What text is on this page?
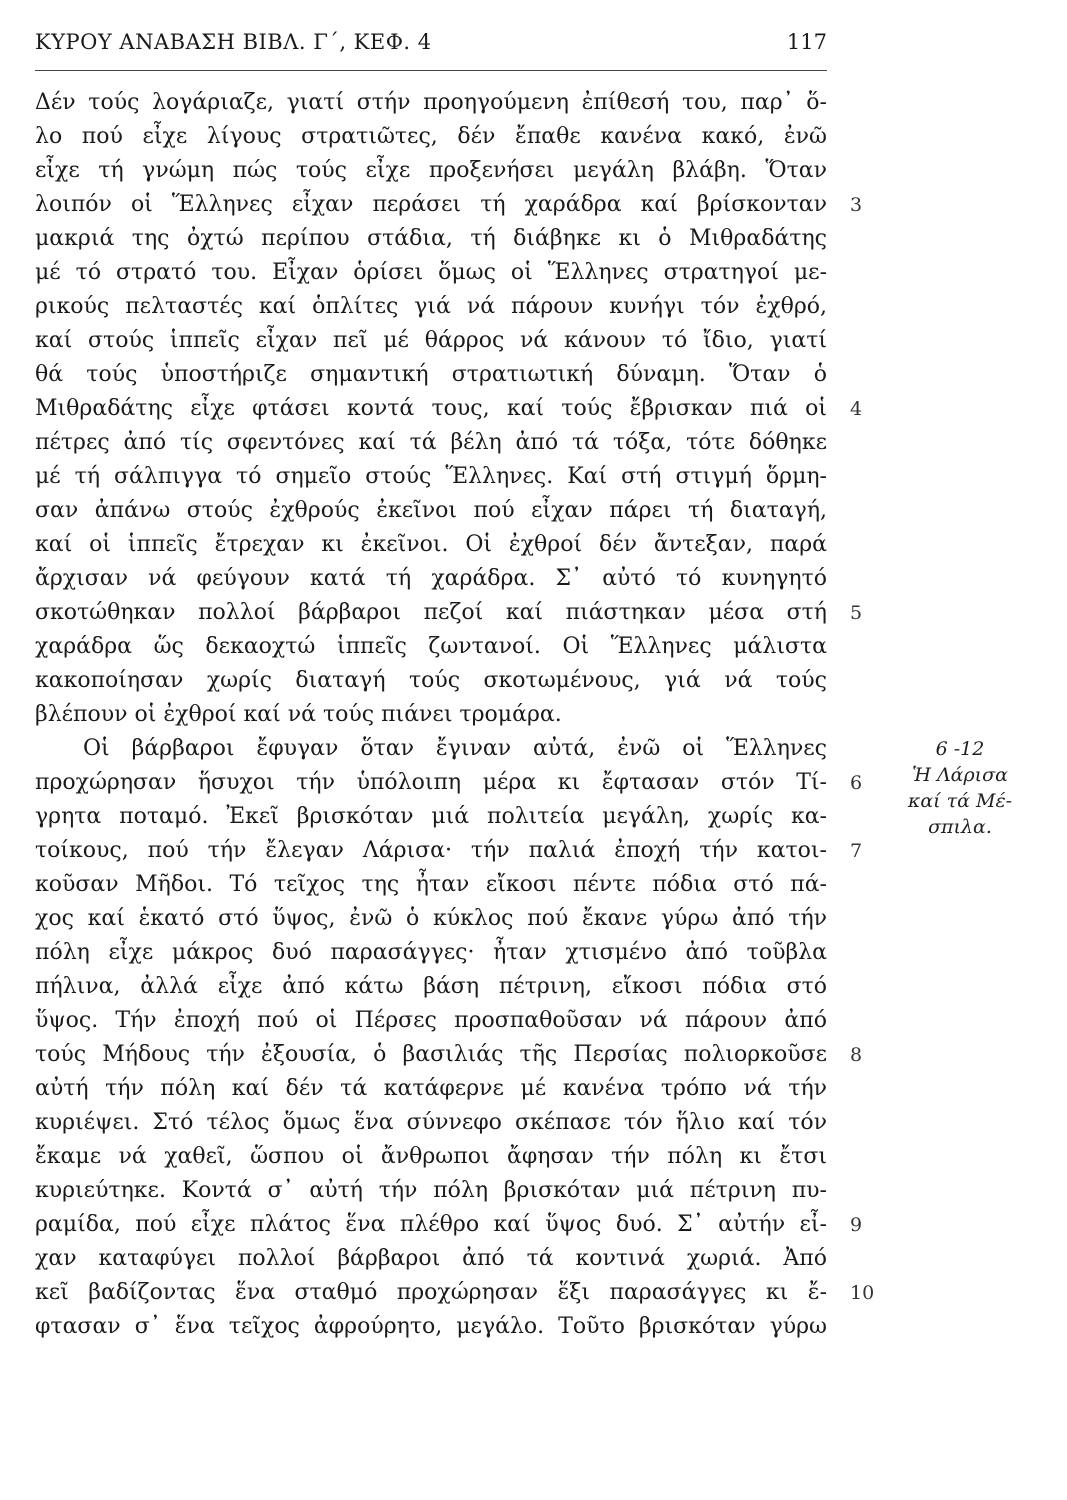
ΚΥΡΟΥ ΑΝΑΒΑΣΗ ΒΙΒΛ. Γ΄, ΚΕΦ. 4	117
Δέν τούς λογάριαζε, γιατί στήν προηγούμενη ἐπίθεσή του, παρ᾽ ὅ-
λο πού εἶχε λίγους στρατιῶτες, δέν ἔπαθε κανένα κακό, ἐνῶ
εἶχε τή γνώμη πώς τούς εἶχε προξενήσει μεγάλη βλάβη. Ὅταν
λοιπόν οἱ Ἕλληνες εἶχαν περάσει τή χαράδρα καί βρίσκονταν
μακριά της ὀχτώ περίπου στάδια, τή διάβηκε κι ὁ Μιθραδάτης
μέ τό στρατό του. Εἶχαν ὁρίσει ὅμως οἱ Ἕλληνες στρατηγοί με-
ρικούς πελταστές καί ὁπλίτες γιά νά πάρουν κυνήγι τόν ἐχθρό,
καί στούς ἱππεῖς εἶχαν πεῖ μέ θάρρος νά κάνουν τό ἴδιο, γιατί
θά τούς ὑποστήριζε σημαντική στρατιωτική δύναμη. Ὅταν ὁ
Μιθραδάτης εἶχε φτάσει κοντά τους, καί τούς ἔβρισκαν πιά οἱ
πέτρες ἀπό τίς σφεντόνες καί τά βέλη ἀπό τά τόξα, τότε δόθηκε
μέ τή σάλπιγγα τό σημεῖο στούς Ἕλληνες. Καί στή στιγμή ὅρμη-
σαν ἀπάνω στούς ἐχθρούς ἐκεῖνοι πού εἶχαν πάρει τή διαταγή,
καί οἱ ἱππεῖς ἔτρεχαν κι ἐκεῖνοι. Οἱ ἐχθροί δέν ἄντεξαν, παρά
ἄρχισαν νά φεύγουν κατά τή χαράδρα. Σ᾽ αὐτό τό κυνηγητό
σκοτώθηκαν πολλοί βάρβαροι πεζοί καί πιάστηκαν μέσα στή
χαράδρα ὥς δεκαοχτώ ἱππεῖς ζωντανοί. Οἱ Ἕλληνες μάλιστα
κακοποίησαν χωρίς διαταγή τούς σκοτωμένους, γιά νά τούς
βλέπουν οἱ ἐχθροί καί νά τούς πιάνει τρομάρα.
Οἱ βάρβαροι ἔφυγαν ὅταν ἔγιναν αὐτά, ἐνῶ οἱ Ἕλληνες
προχώρησαν ἥσυχοι τήν ὑπόλοιπη μέρα κι ἔφτασαν στόν Τί-
γρητα ποταμό. Ἐκεῖ βρισκόταν μιά πολιτεία μεγάλη, χωρίς κα-
τοίκους, πού τήν ἔλεγαν Λάρισα· τήν παλιά ἐποχή τήν κατοι-
κοῦσαν Μῆδοι. Τό τεῖχος της ἦταν εἴκοσι πέντε πόδια στό πά-
χος καί ἑκατό στό ὕψος, ἐνῶ ὁ κύκλος πού ἔκανε γύρω ἀπό τήν
πόλη εἶχε μάκρος δυό παρασάγγες· ἦταν χτισμένο ἀπό τοῦβλα
πήλινα, ἀλλά εἶχε ἀπό κάτω βάση πέτρινη, εἴκοσι πόδια στό
ὕψος. Τήν ἐποχή πού οἱ Πέρσες προσπαθοῦσαν νά πάρουν ἀπό
τούς Μήδους τήν ἐξουσία, ὁ βασιλιάς τῆς Περσίας πολιορκοῦσε
αὐτή τήν πόλη καί δέν τά κατάφερνε μέ κανένα τρόπο νά τήν
κυριέψει. Στό τέλος ὅμως ἕνα σύννεφο σκέπασε τόν ἥλιο καί τόν
ἔκαμε νά χαθεῖ, ὥσπου οἱ ἄνθρωποι ἄφησαν τήν πόλη κι ἔτσι
κυριεύτηκε. Κοντά σ᾽ αὐτή τήν πόλη βρισκόταν μιά πέτρινη πυ-
ραμίδα, πού εἶχε πλάτος ἕνα πλέθρο καί ὕψος δυό. Σ᾽ αὐτήν εἶ-
χαν καταφύγει πολλοί βάρβαροι ἀπό τά κοντινά χωριά. Ἀπό
κεῖ βαδίζοντας ἕνα σταθμό προχώρησαν ἕξι παρασάγγες κι ἔ-
φτασαν σ᾽ ἕνα τεῖχος ἀφρούρητο, μεγάλο. Τοῦτο βρισκόταν γύρω
3
4
5
6
7
8
9
10
6 -12
Ἡ Λάρισα
καί τά Μέ-
σπιλα.
